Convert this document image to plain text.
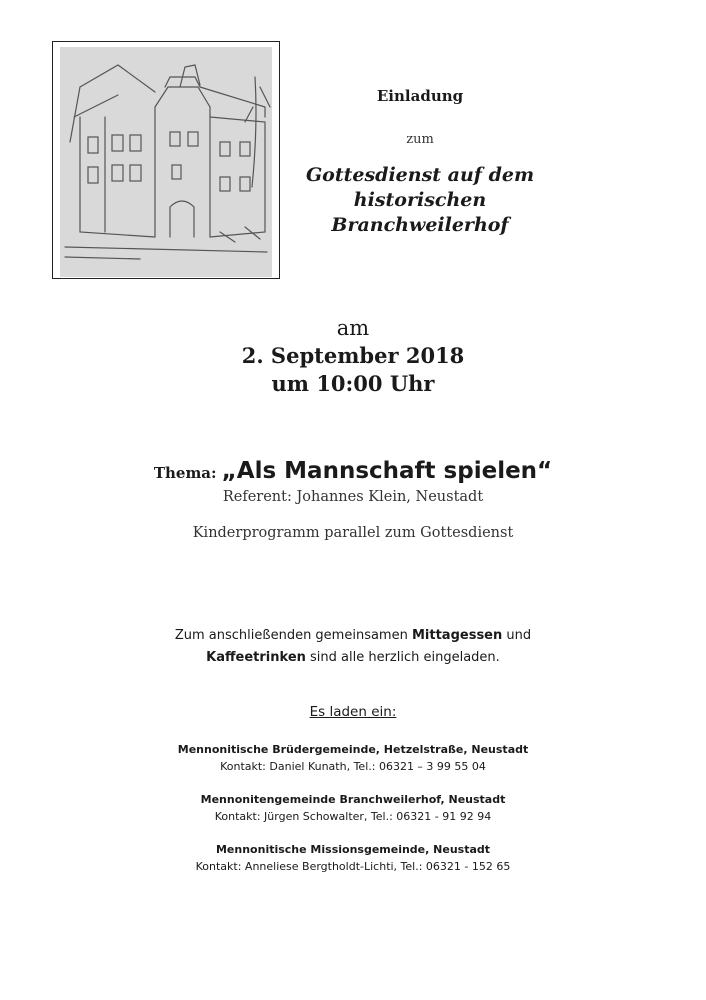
Einladung
zum
Gottesdienst auf dem
historischen
Branchweilerhof
am
2. September 2018
um 10:00 Uhr
Thema: „Als Mannschaft spielen“
Referent: Johannes Klein, Neustadt
Kinderprogramm parallel zum Gottesdienst
Zum anschließenden gemeinsamen Mittagessen und
Kaffeetrinken sind alle herzlich eingeladen.
Es laden ein:
Mennonitische Brüdergemeinde, Hetzelstraße, Neustadt
Kontakt: Daniel Kunath, Tel.: 06321 – 3 99 55 04
Mennonitengemeinde Branchweilerhof, Neustadt
Kontakt: Jürgen Schowalter, Tel.: 06321 - 91 92 94
Mennonitische Missionsgemeinde, Neustadt
Kontakt: Anneliese Bergtholdt-Lichti, Tel.: 06321 - 152 65
